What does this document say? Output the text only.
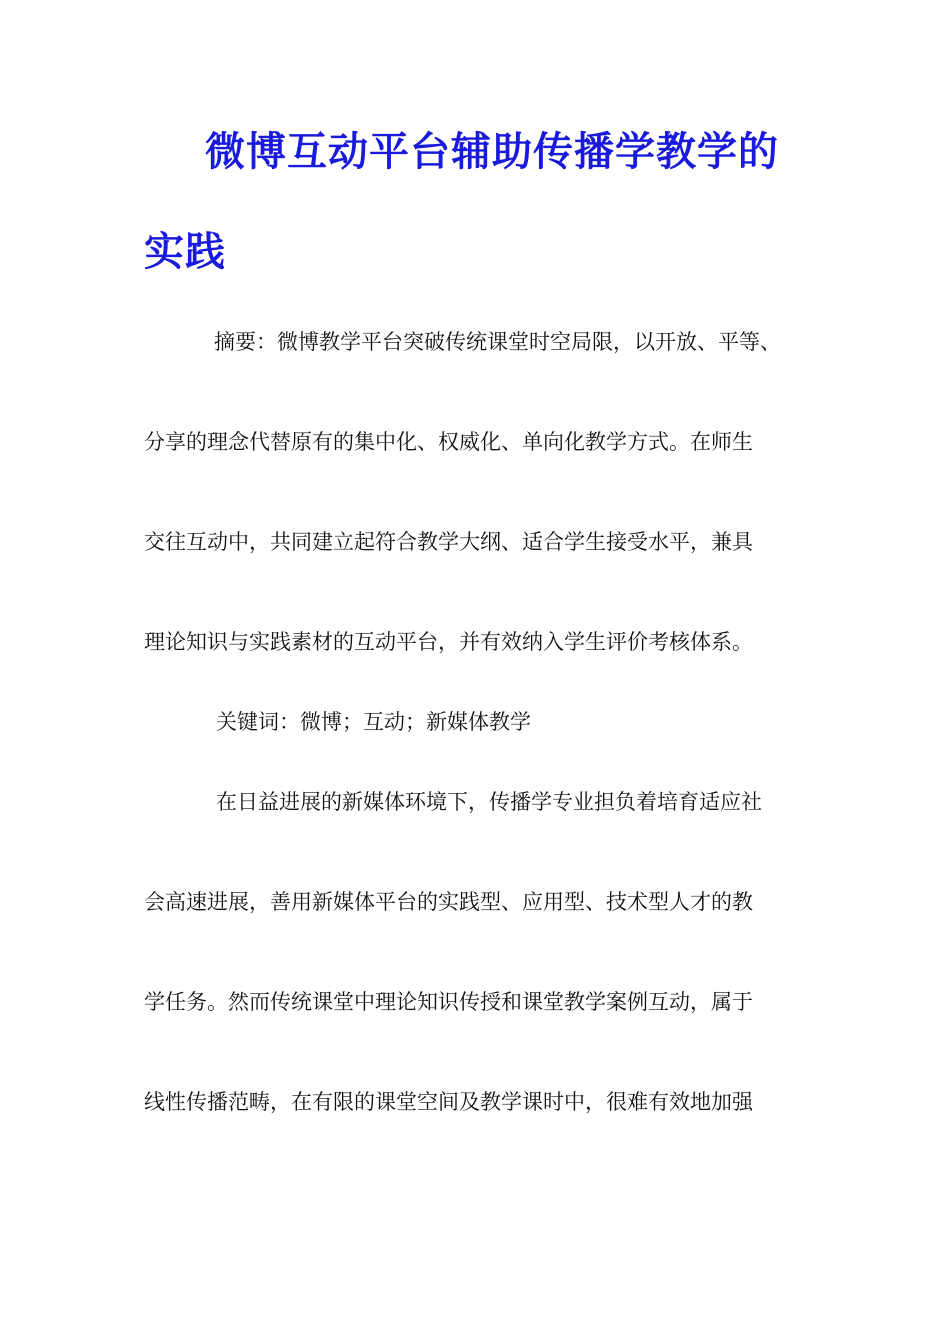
微博互动平台辅助传播学教学的
实践
摘要：微博教学平台突破传统课堂时空局限，以开放、平等、
分享的理念代替原有的集中化、权威化、单向化教学方式。在师生
交往互动中，共同建立起符合教学大纲、适合学生接受水平，兼具
理论知识与实践素材的互动平台，并有效纳入学生评价考核体系。
关键词：微博；互动；新媒体教学
在日益进展的新媒体环境下，传播学专业担负着培育适应社
会高速进展，善用新媒体平台的实践型、应用型、技术型人才的教
学任务。然而传统课堂中理论知识传授和课堂教学案例互动，属于
线性传播范畴，在有限的课堂空间及教学课时中，很难有效地加强
